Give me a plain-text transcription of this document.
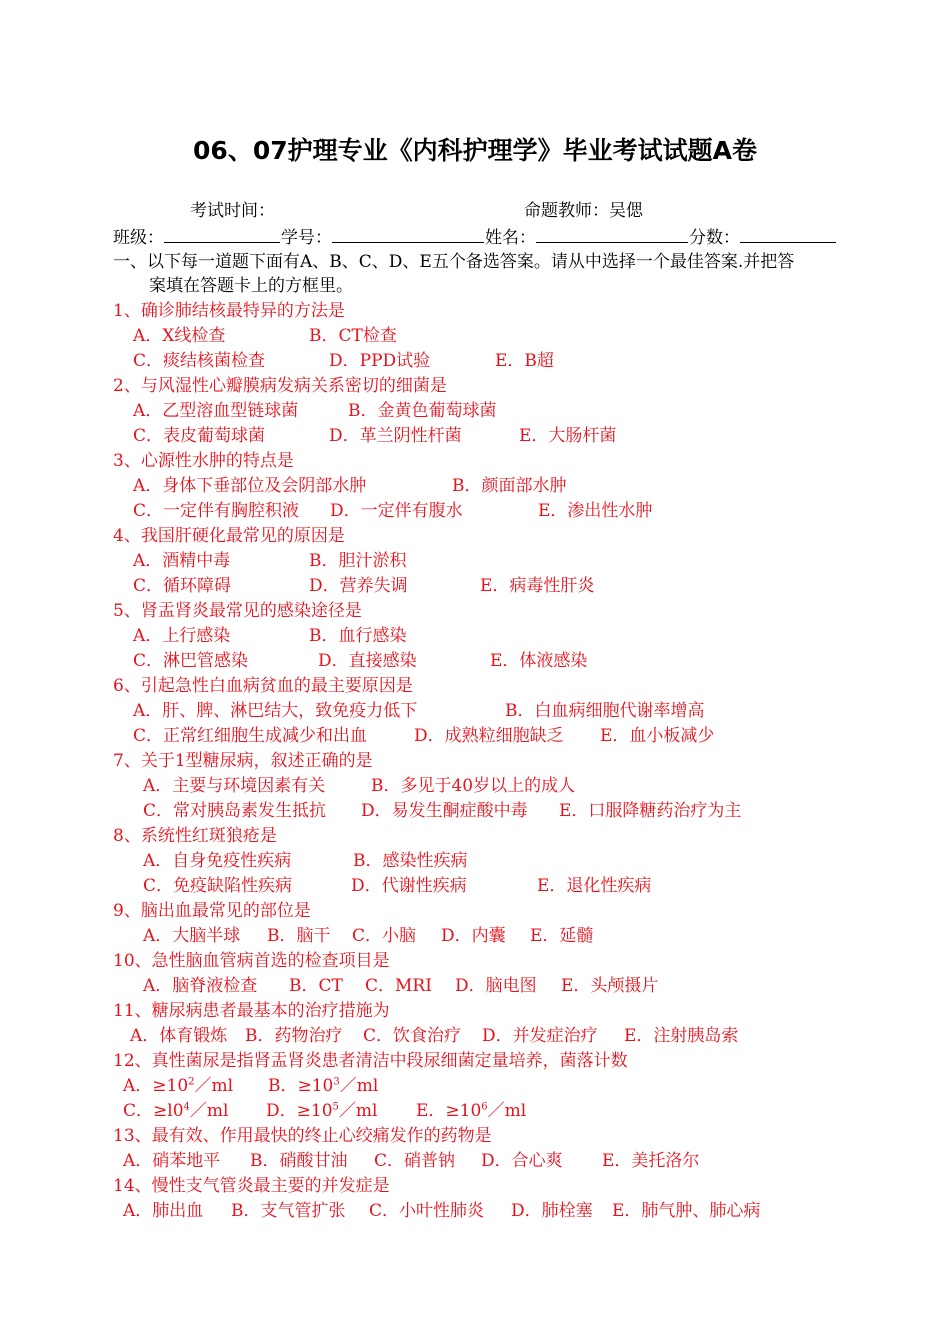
06、07护理专业《内科护理学》毕业考试试题A卷
考试时间：	命题教师：吴偲
班级：	学号：	姓名：	分数：
一、以下每一道题下面有A、B、C、D、E五个备选答案。请从中选择一个最佳答案.并把答
案填在答题卡上的方框里。
1、确诊肺结核最特异的方法是
A．X线检查	B．CT检查
C．痰结核菌检查	D．PPD试验	E．B超
2、与风湿性心瓣膜病发病关系密切的细菌是
A．乙型溶血型链球菌	B．金黄色葡萄球菌
C．表皮葡萄球菌	D．革兰阴性杆菌	E．大肠杆菌
3、心源性水肿的特点是
A．身体下垂部位及会阴部水肿	B．颜面部水肿
C．一定伴有胸腔积液 D．一定伴有腹水	E．渗出性水肿
4、我国肝硬化最常见的原因是
A．酒精中毒	B．胆汁淤积
C．循环障碍	D．营养失调	E．病毒性肝炎
5、肾盂肾炎最常见的感染途径是
A．上行感染	B．血行感染
C．淋巴管感染	D．直接感染	E．体液感染
6、引起急性白血病贫血的最主要原因是
A．肝、脾、淋巴结大，致免疫力低下	B．白血病细胞代谢率增高
C．正常红细胞生成减少和出血	D．成熟粒细胞缺乏 E．血小板减少
7、关于1型糖尿病，叙述正确的是
A．主要与环境因素有关	B．多见于40岁以上的成人
C．常对胰岛素发生抵抗 D．易发生酮症酸中毒 E．口服降糖药治疗为主
8、系统性红斑狼疮是
A．自身免疫性疾病	B．感染性疾病
C．免疫缺陷性疾病	D．代谢性疾病	E．退化性疾病
9、脑出血最常见的部位是
A．大脑半球 B．脑干 C．小脑 D．内囊 E．延髓
10、急性脑血管病首选的检查项目是
A．脑脊液检查 B．CT C．MRI D．脑电图 E．头颅摄片
11、糖尿病患者最基本的治疗措施为
A．体育锻炼 B．药物治疗 C．饮食治疗 D．并发症治疗 E．注射胰岛索
12、真性菌尿是指肾盂肾炎患者清洁中段尿细菌定量培养，菌落计数
A．$\ge 10^2/ml$ B．$\ge 10^3/ml$
C．$\ge l0^4/ml$ D．$\ge 10^5/ml$ E．$\ge 10^6/ml$
13、最有效、作用最快的终止心绞痛发作的药物是
A．硝苯地平 B．硝酸甘油 C．硝普钠 D．合心爽 E．美托洛尔
14、慢性支气管炎最主要的并发症是
A．肺出血 B．支气管扩张 C．小叶性肺炎 D．肺栓塞 E．肺气肿、肺心病
